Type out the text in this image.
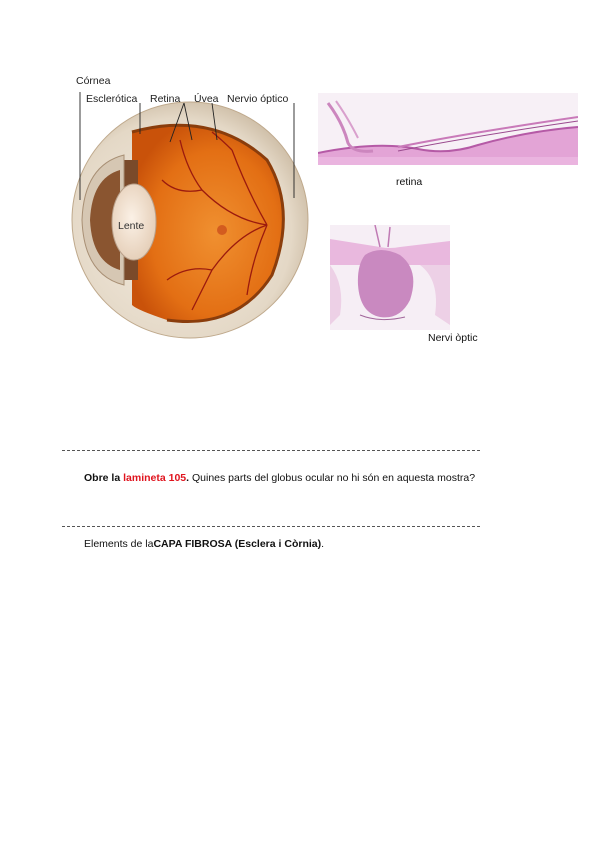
Córnea
Esclerótica Retina Úvea Nervio óptico
Lente
retina
Nervi òptic
Obre la lamineta 105. Quines parts del globus ocular no hi són en aquesta mostra?
Elements de laCAPA FIBROSA (Esclera i Còrnia).
